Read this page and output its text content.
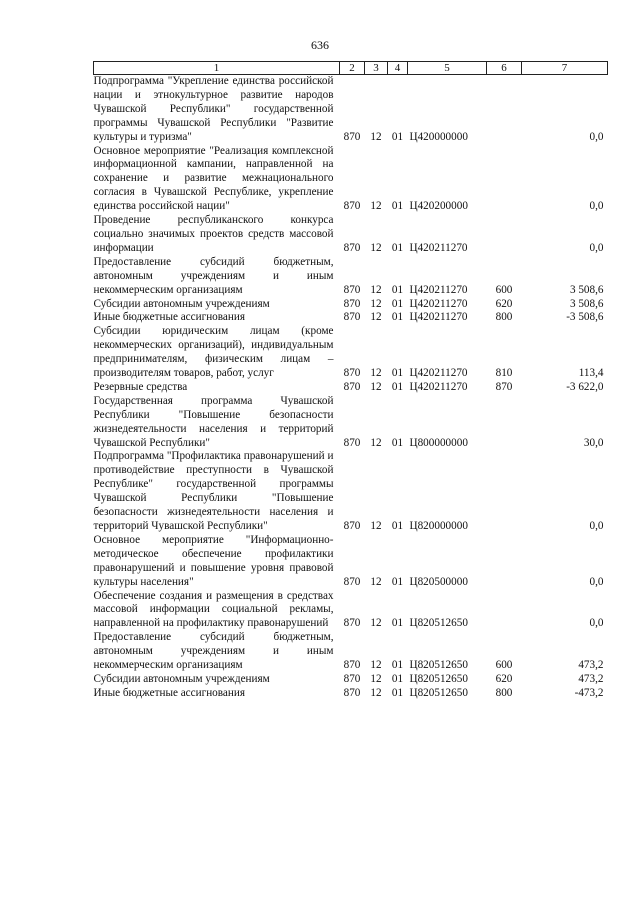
636
1	2	3	4	5	6	7
Подпрограмма "Укрепление единства российской нации и этнокультурное развитие народов Чувашской Республики" государственной программы Чувашской Республики "Развитие культуры и туризма"	870	12	01	Ц420000000		0,0
Основное мероприятие "Реализация комплексной информационной кампании, направленной на сохранение и развитие межнационального согласия в Чувашской Республике, укрепление единства российской нации"	870	12	01	Ц420200000		0,0
Проведение республиканского конкурса социально значимых проектов средств массовой информации	870	12	01	Ц420211270		0,0
Предоставление субсидий бюджетным, автономным учреждениям и иным некоммерческим организациям	870	12	01	Ц420211270	600	3 508,6
Субсидии автономным учреждениям	870	12	01	Ц420211270	620	3 508,6
Иные бюджетные ассигнования	870	12	01	Ц420211270	800	-3 508,6
Субсидии юридическим лицам (кроме некоммерческих организаций), индивидуальным предпринимателям, физическим лицам – производителям товаров, работ, услуг	870	12	01	Ц420211270	810	113,4
Резервные средства	870	12	01	Ц420211270	870	-3 622,0
Государственная программа Чувашской Республики "Повышение безопасности жизнедеятельности населения и территорий Чувашской Республики"	870	12	01	Ц800000000		30,0
Подпрограмма "Профилактика правонарушений и противодействие преступности в Чувашской Республике" государственной программы Чувашской Республики "Повышение безопасности жизнедеятельности населения и территорий Чувашской Республики"	870	12	01	Ц820000000		0,0
Основное мероприятие "Информационно-методическое обеспечение профилактики правонарушений и повышение уровня правовой культуры населения"	870	12	01	Ц820500000		0,0
Обеспечение создания и размещения в средствах массовой информации социальной рекламы, направленной на профилактику правонарушений	870	12	01	Ц820512650		0,0
Предоставление субсидий бюджетным, автономным учреждениям и иным некоммерческим организациям	870	12	01	Ц820512650	600	473,2
Субсидии автономным учреждениям	870	12	01	Ц820512650	620	473,2
Иные бюджетные ассигнования	870	12	01	Ц820512650	800	-473,2
